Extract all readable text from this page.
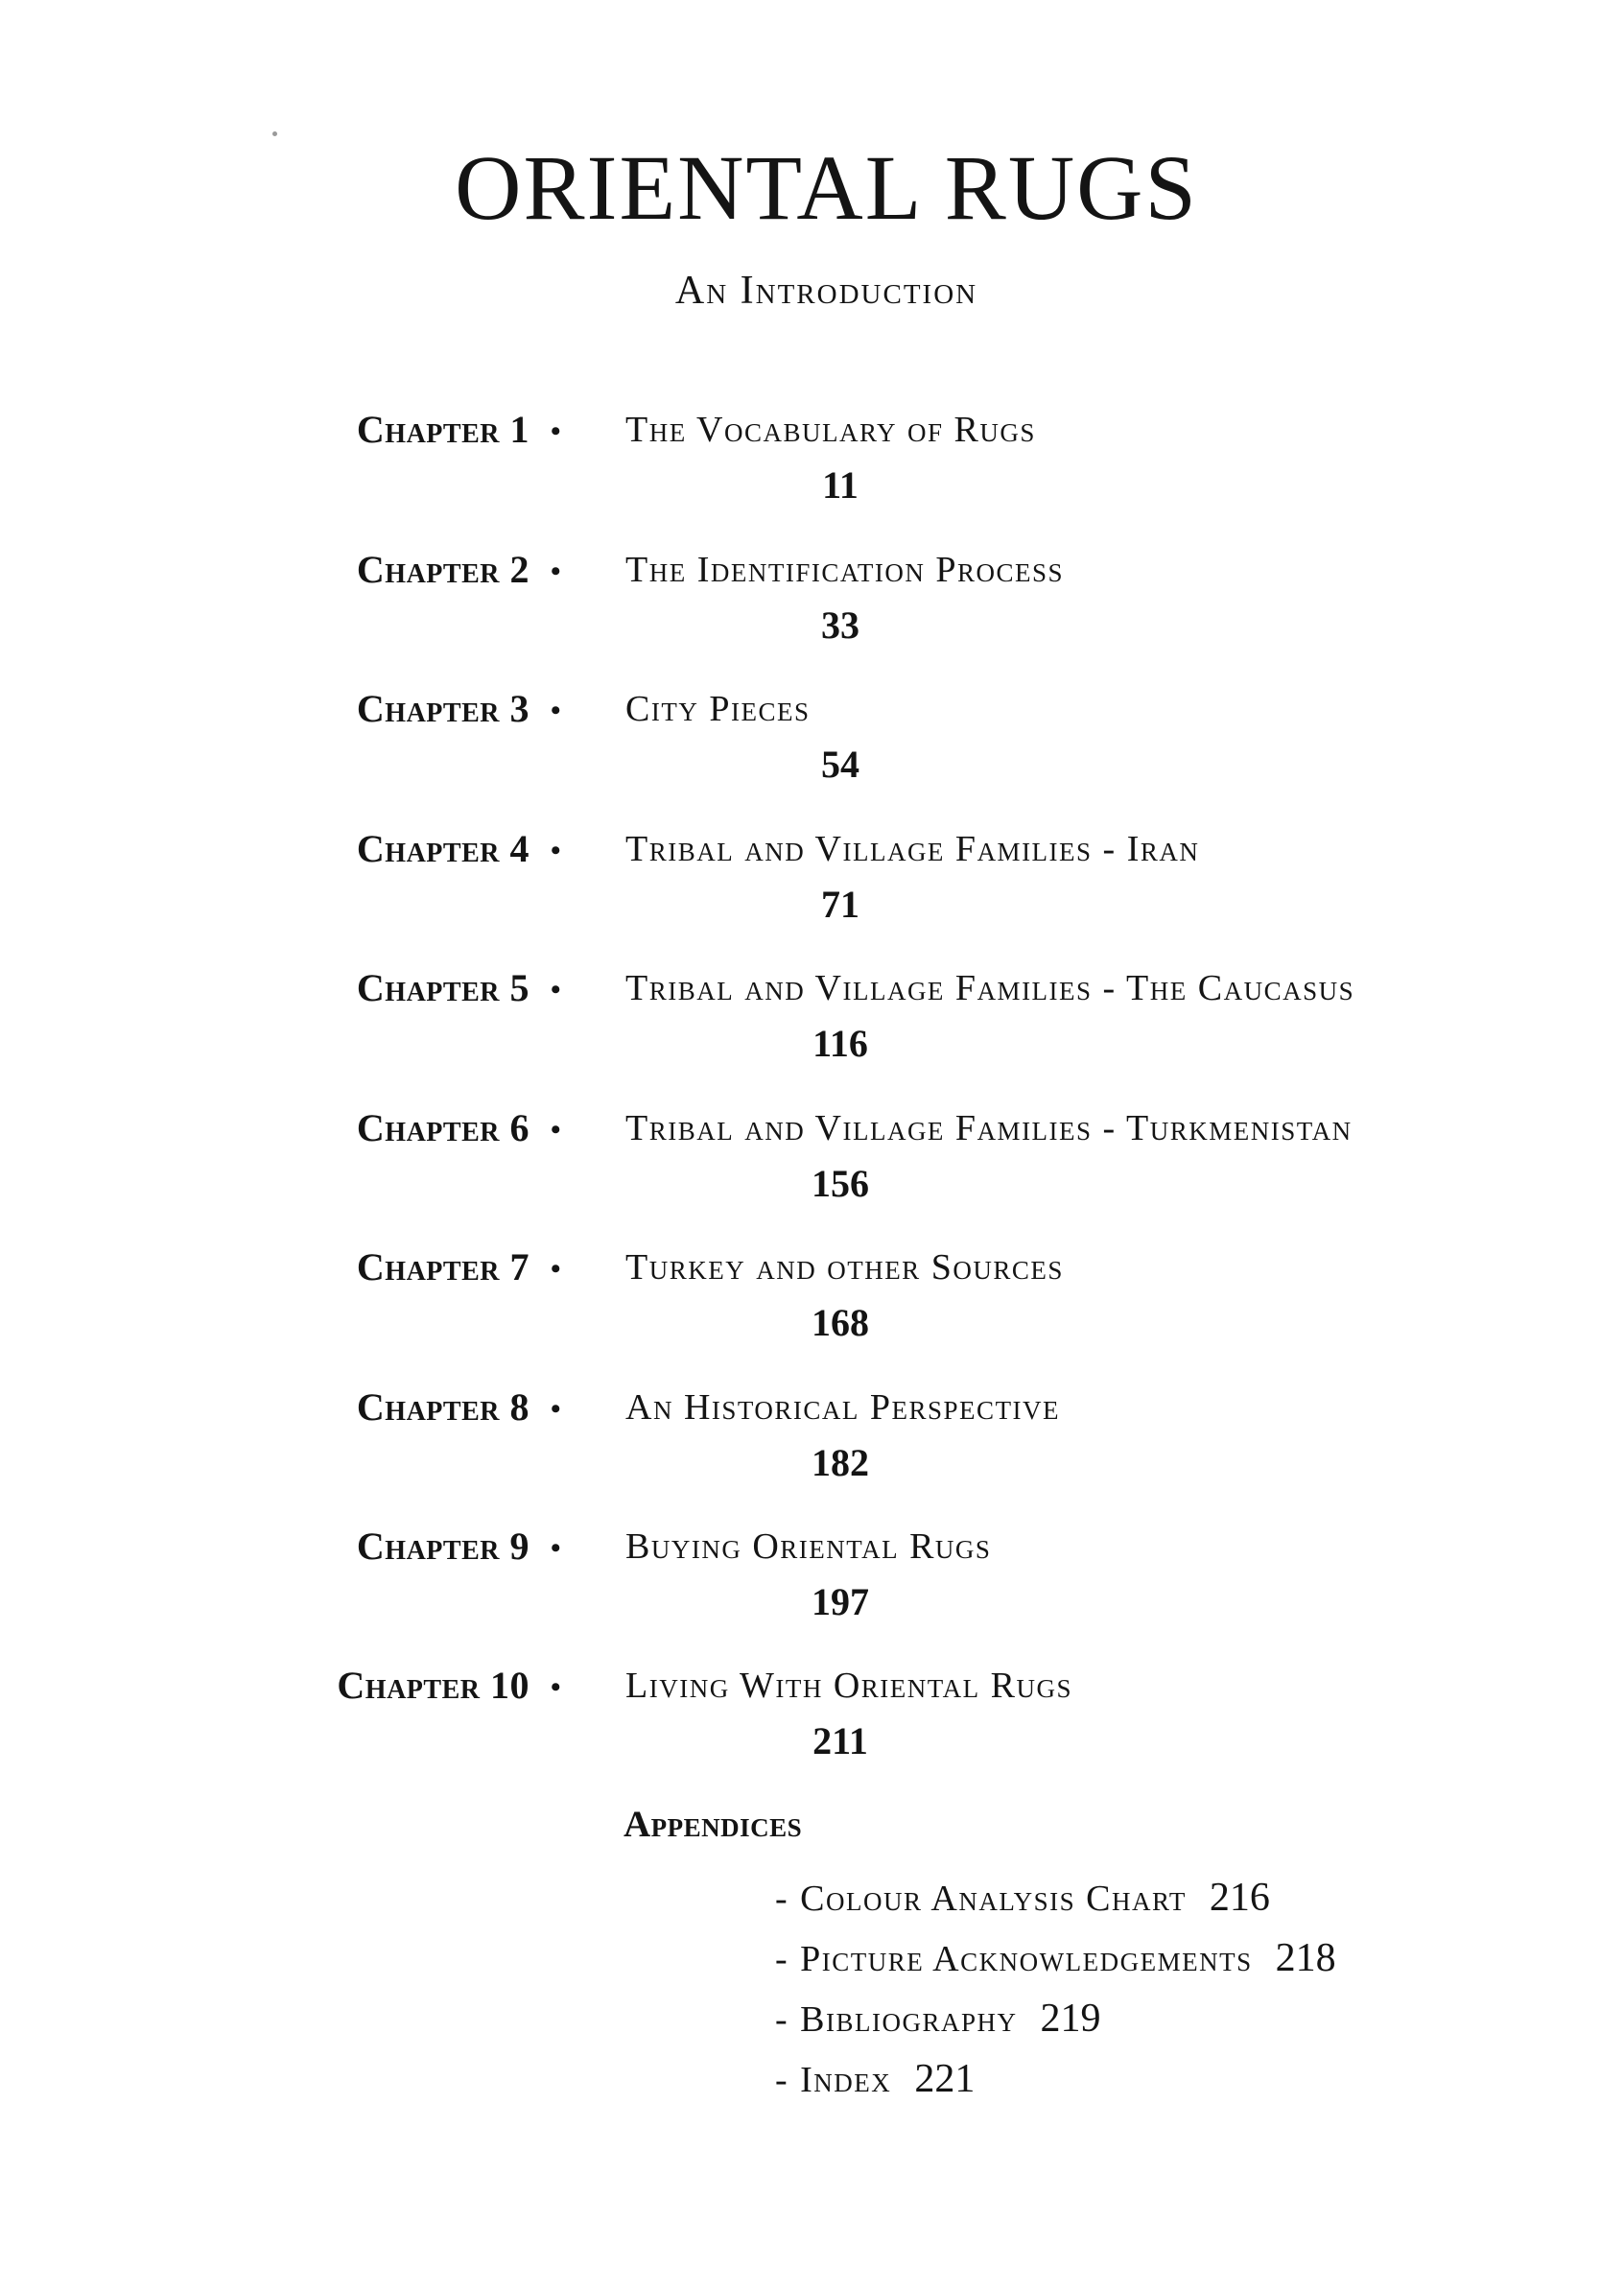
ORIENTAL RUGS
An Introduction
Chapter 1 • The Vocabulary of Rugs
11
Chapter 2 • The Identification Process
33
Chapter 3 • City Pieces
54
Chapter 4 • Tribal and Village Families - Iran
71
Chapter 5 • Tribal and Village Families - The Caucasus
116
Chapter 6 • Tribal and Village Families - Turkmenistan
156
Chapter 7 • Turkey and other Sources
168
Chapter 8 • An Historical Perspective
182
Chapter 9 • Buying Oriental Rugs
197
Chapter 10 • Living With Oriental Rugs
211
Appendices
- Colour Analysis Chart 216
- Picture Acknowledgements 218
- Bibliography 219
- Index 221
